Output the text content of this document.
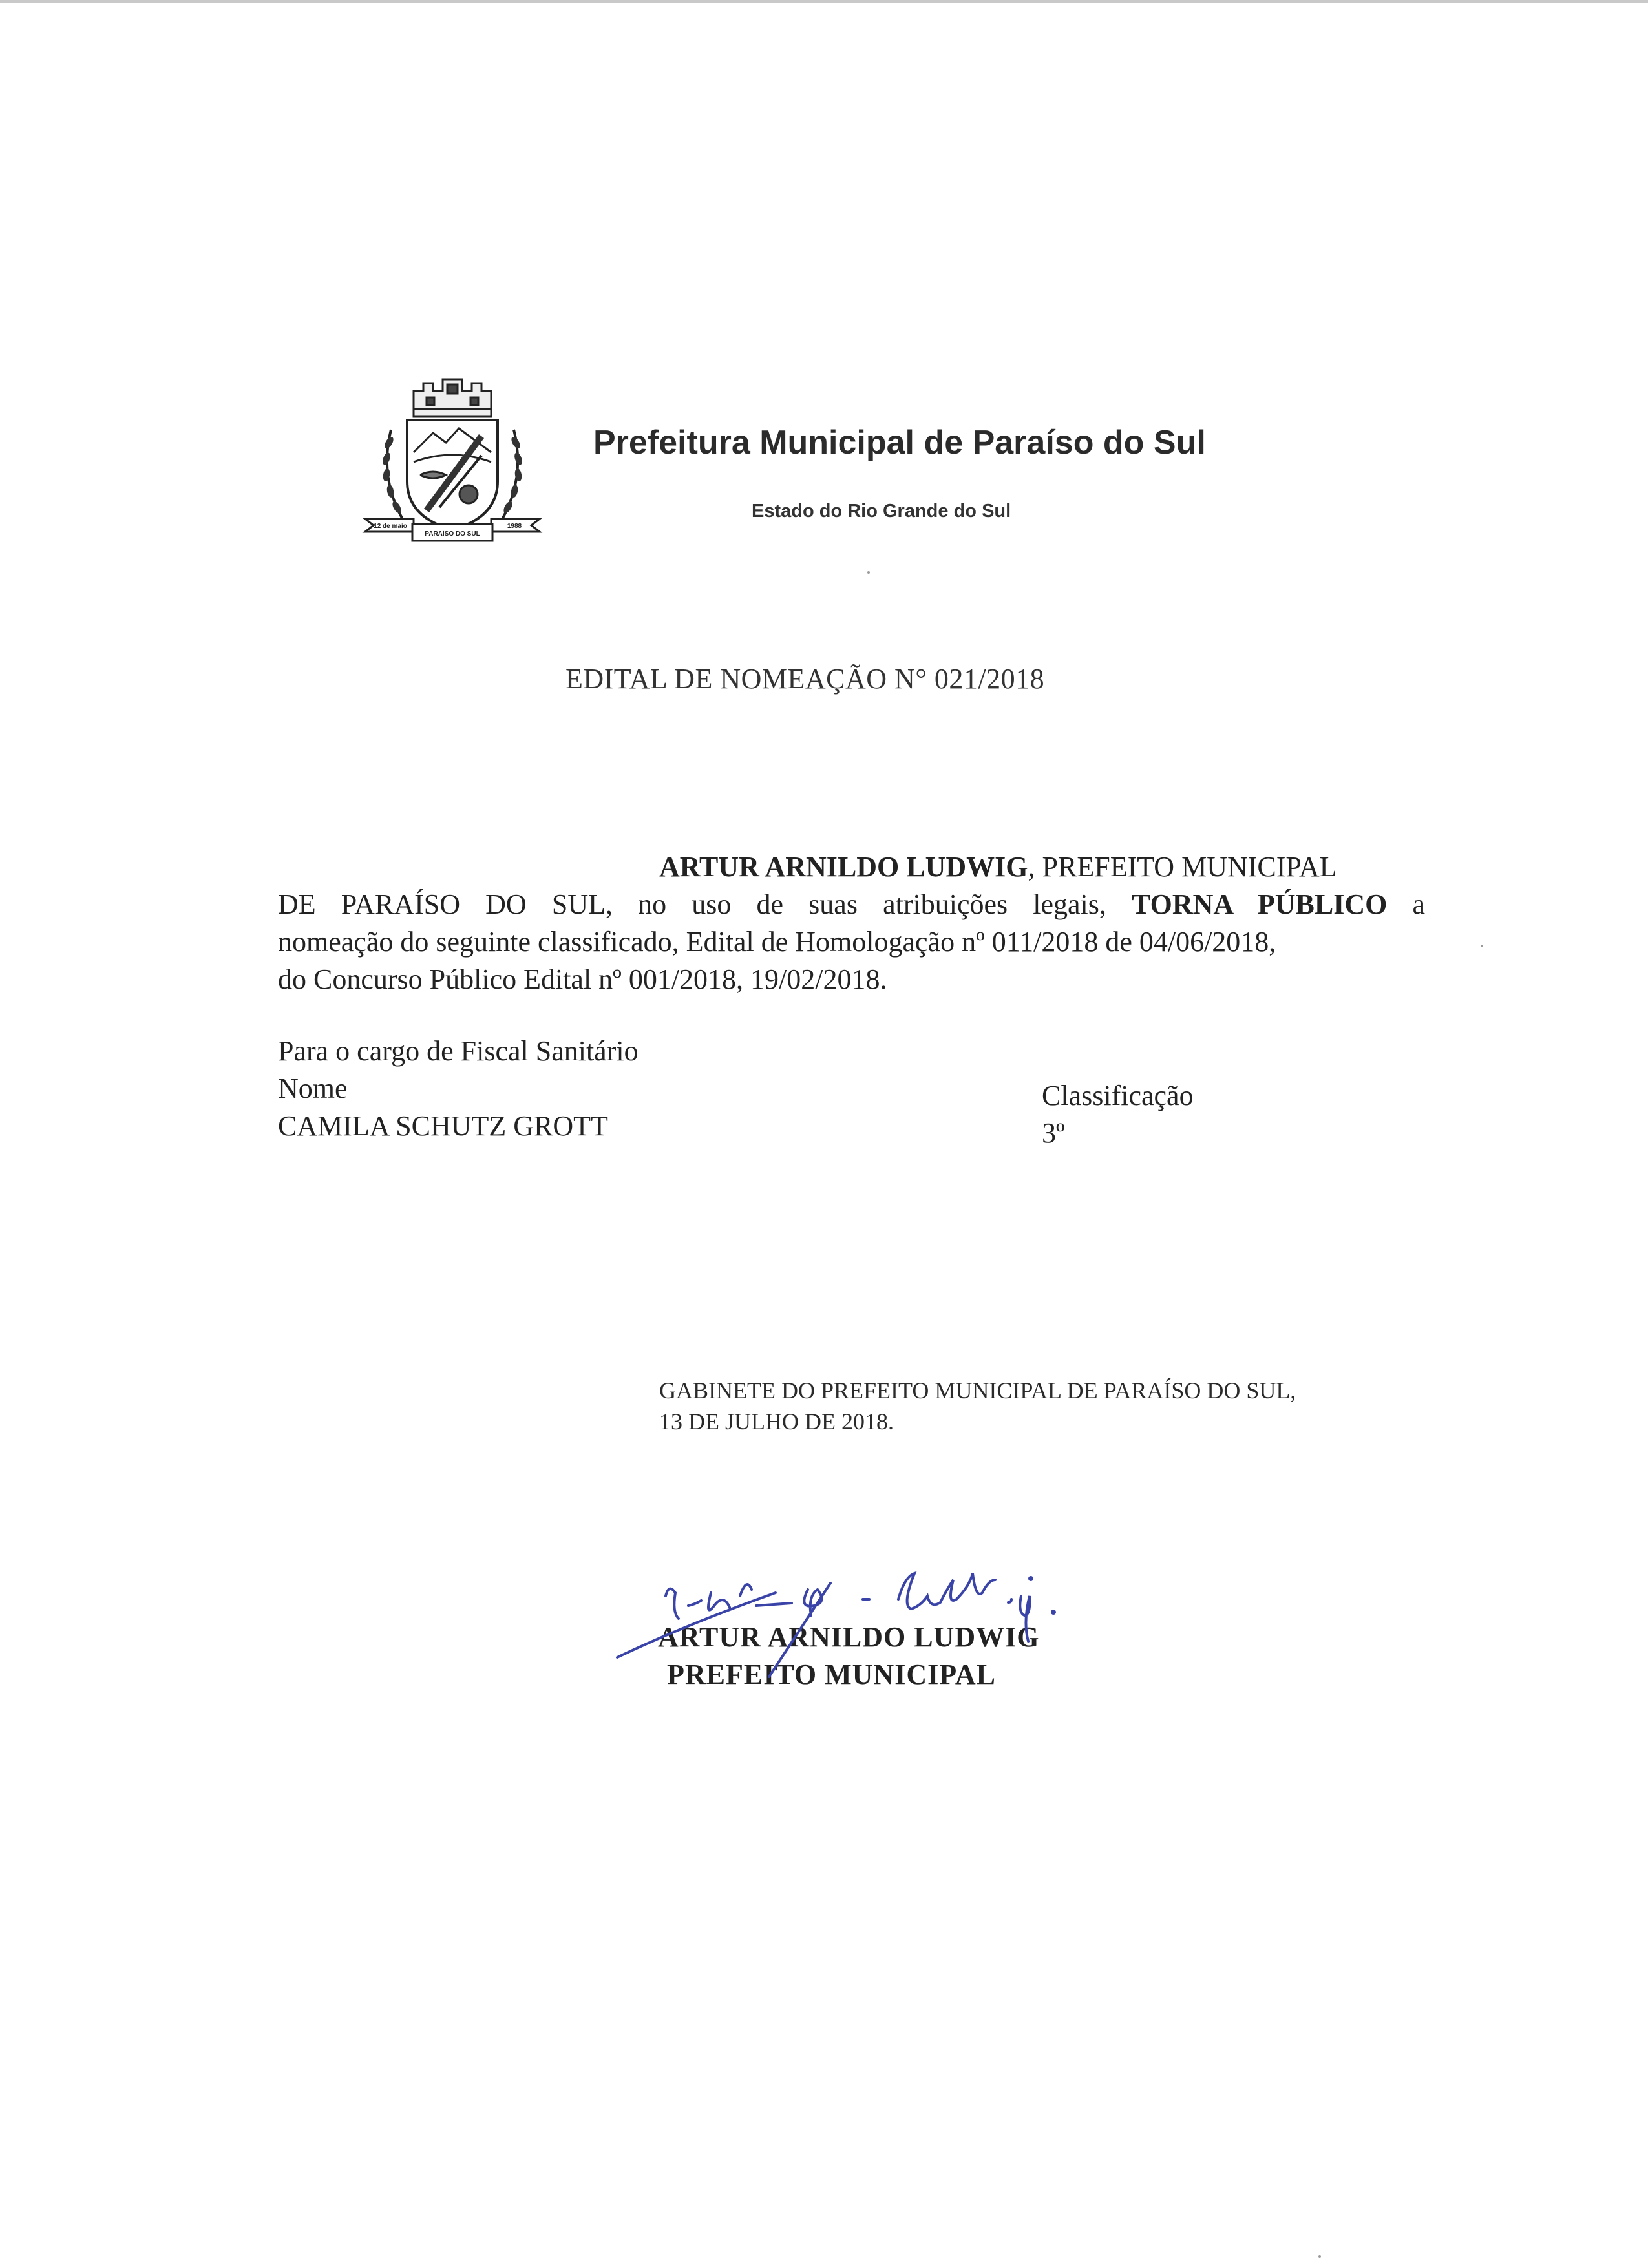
12 de maio
PARAÍSO DO SUL
1988
Prefeitura Municipal de Paraíso do Sul
Estado do Rio Grande do Sul
EDITAL DE NOMEAÇÃO N° 021/2018
ARTUR ARNILDO LUDWIG, PREFEITO MUNICIPAL
DE PARAÍSO DO SUL, no uso de suas atribuições legais, TORNA PÚBLICO a
nomeação do seguinte classificado, Edital de Homologação nº 011/2018 de 04/06/2018,
do Concurso Público Edital nº 001/2018, 19/02/2018.
Para o cargo de Fiscal Sanitário
Nome
CAMILA SCHUTZ GROTT
Classificação
3º
GABINETE DO PREFEITO MUNICIPAL DE PARAÍSO DO SUL,
13 DE JULHO DE 2018.
ARTUR ARNILDO LUDWIG
PREFEITO MUNICIPAL
